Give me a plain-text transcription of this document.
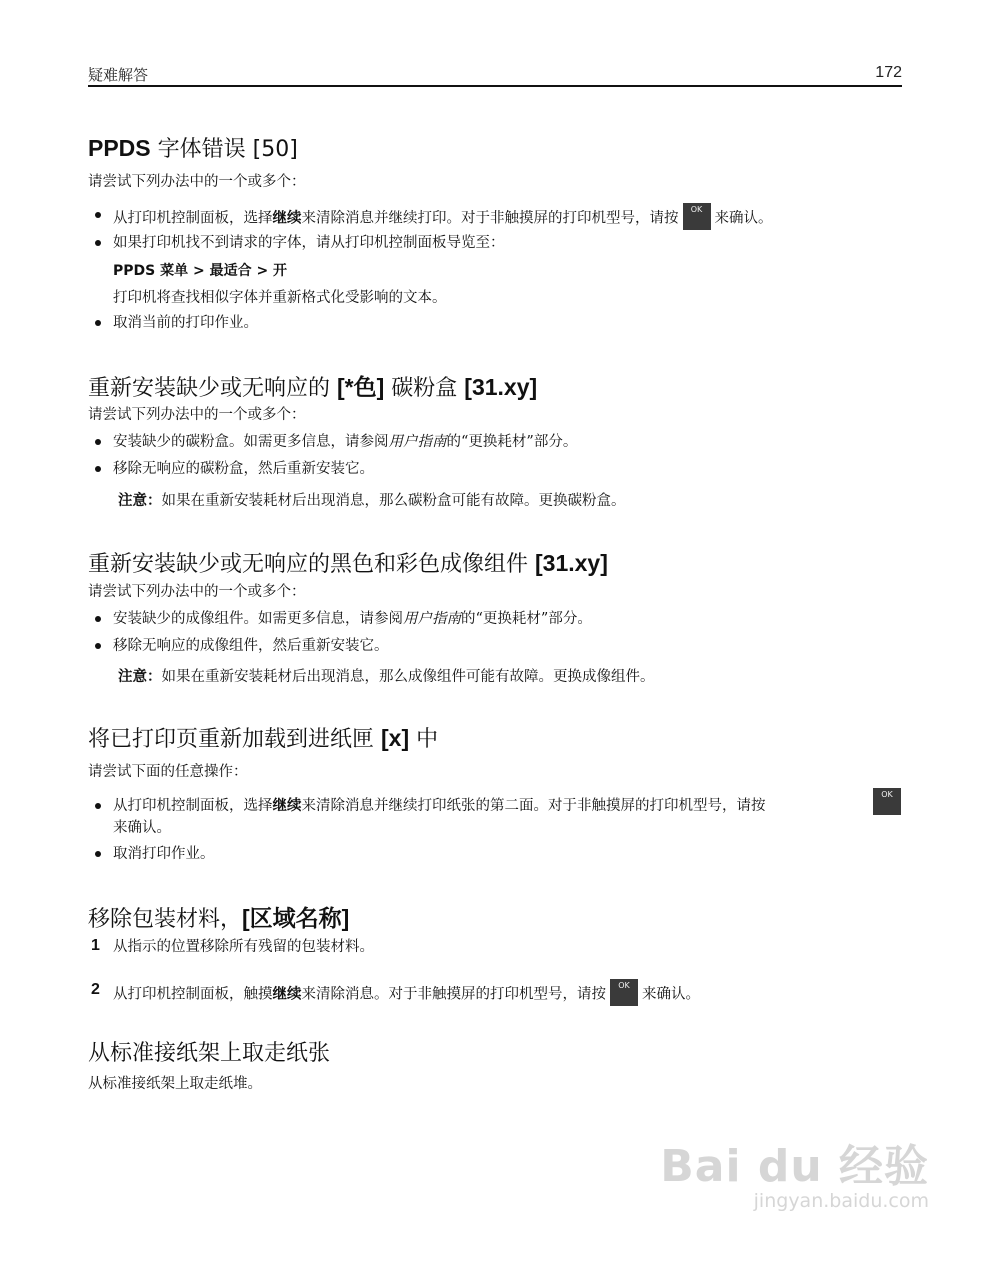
疑难解答	172
PPDS 字体错误 [50]
请尝试下列办法中的一个或多个：
从打印机控制面板，选择继续来清除消息并继续打印。对于非触摸屏的打印机型号，请按OK来确认。
如果打印机找不到请求的字体，请从打印机控制面板导览至：
PPDS 菜单 > 最适合 > 开
打印机将查找相似字体并重新格式化受影响的文本。
取消当前的打印作业。
重新安装缺少或无响应的 [*色] 碳粉盒 [31.xy]
请尝试下列办法中的一个或多个：
安装缺少的碳粉盒。如需更多信息，请参阅用户指南的“更换耗材”部分。
移除无响应的碳粉盒，然后重新安装它。
注意：如果在重新安装耗材后出现消息，那么碳粉盒可能有故障。更换碳粉盒。
重新安装缺少或无响应的黑色和彩色成像组件 [31.xy]
请尝试下列办法中的一个或多个：
安装缺少的成像组件。如需更多信息，请参阅用户指南的“更换耗材”部分。
移除无响应的成像组件，然后重新安装它。
注意：如果在重新安装耗材后出现消息，那么成像组件可能有故障。更换成像组件。
将已打印页重新加载到进纸匣 [x] 中
请尝试下面的任意操作：
从打印机控制面板，选择继续来清除消息并继续打印纸张的第二面。对于非触摸屏的打印机型号，请按
OK
来确认。
取消打印作业。
移除包装材料，[区域名称]
1 从指示的位置移除所有残留的包装材料。
2 从打印机控制面板，触摸继续来清除消息。对于非触摸屏的打印机型号，请按OK来确认。
从标准接纸架上取走纸张
从标准接纸架上取走纸堆。
Bai du 经验
jingyan.baidu.com
